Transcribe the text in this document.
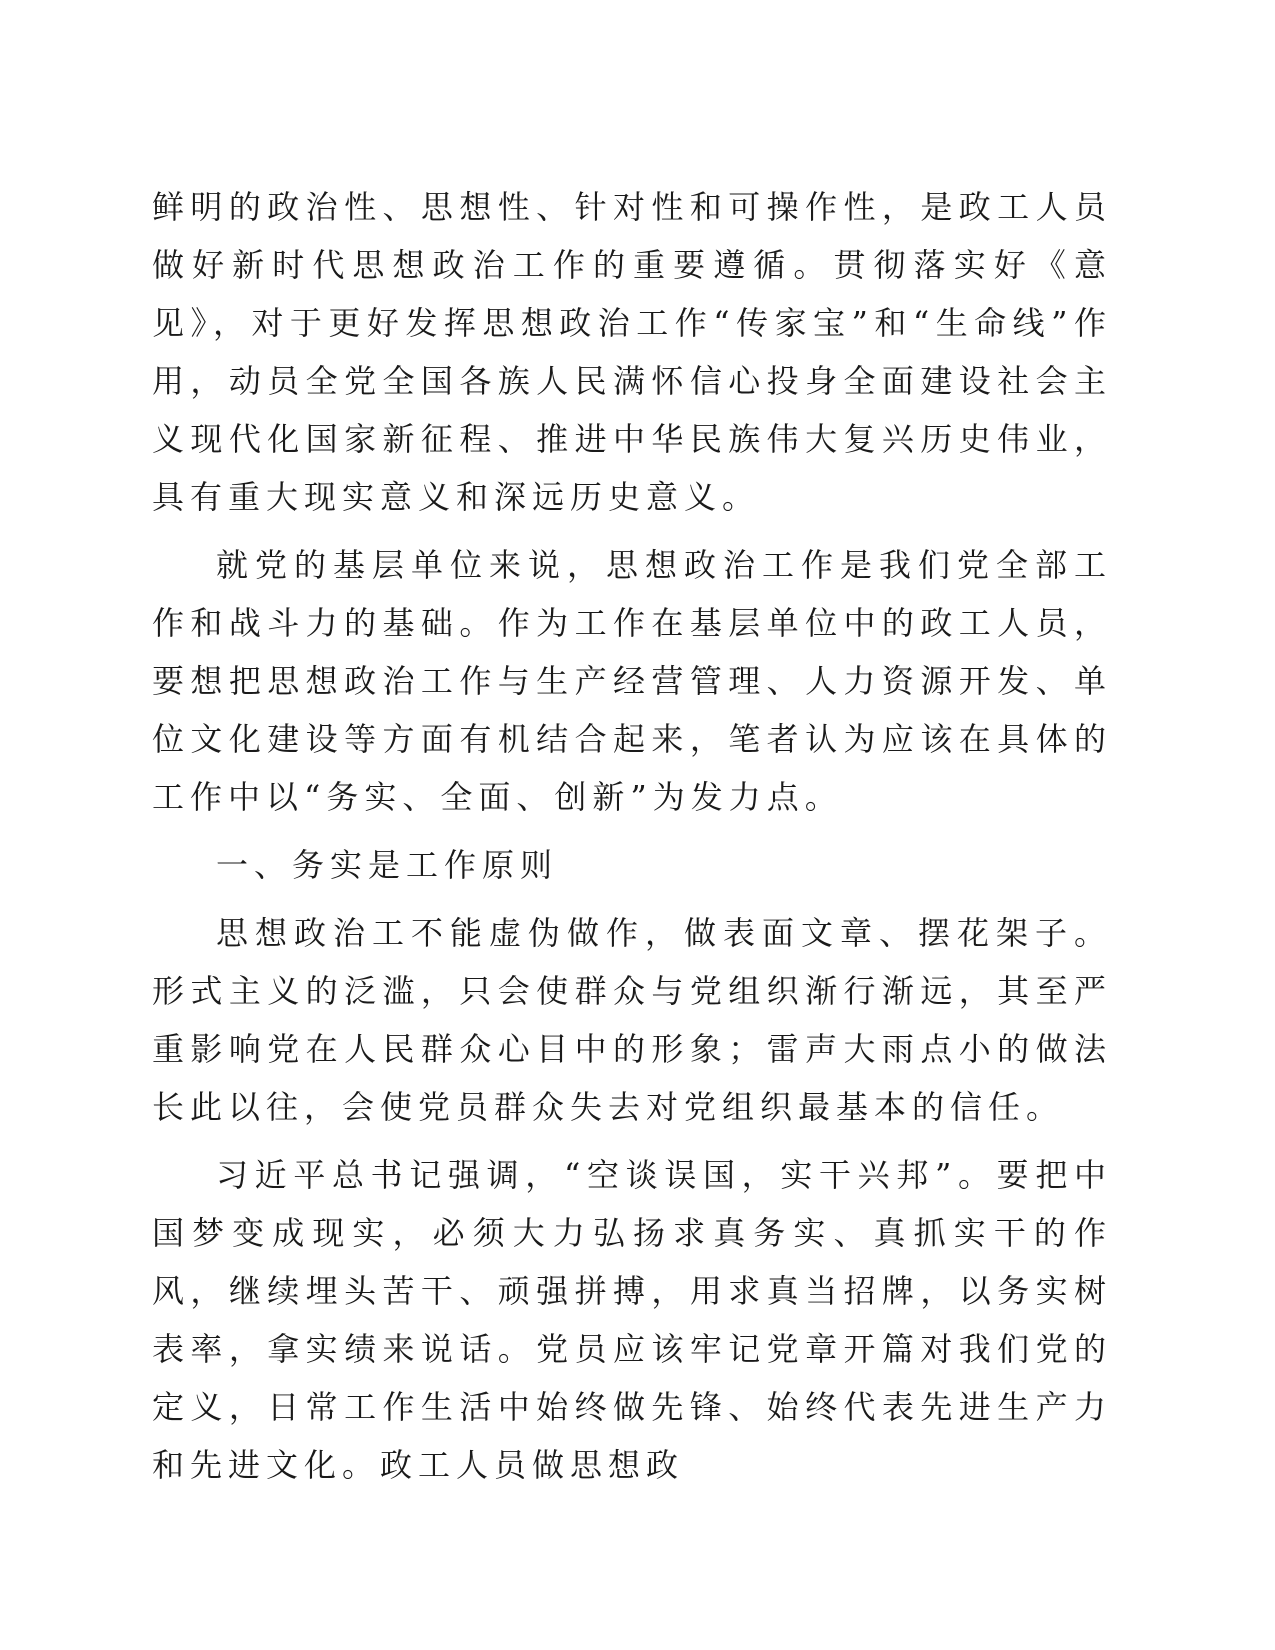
鲜明的政治性、思想性、针对性和可操作性，是政工人员做好新时代思想政治工作的重要遵循。贯彻落实好《意见》，对于更好发挥思想政治工作“传家宝”和“生命线”作用，动员全党全国各族人民满怀信心投身全面建设社会主义现代化国家新征程、推进中华民族伟大复兴历史伟业，具有重大现实意义和深远历史意义。

就党的基层单位来说，思想政治工作是我们党全部工作和战斗力的基础。作为工作在基层单位中的政工人员，要想把思想政治工作与生产经营管理、人力资源开发、单位文化建设等方面有机结合起来，笔者认为应该在具体的工作中以“务实、全面、创新”为发力点。

一、务实是工作原则

思想政治工不能虚伪做作，做表面文章、摆花架子。形式主义的泛滥，只会使群众与党组织渐行渐远，其至严重影响党在人民群众心目中的形象；雷声大雨点小的做法长此以往，会使党员群众失去对党组织最基本的信任。

习近平总书记强调，“空谈误国，实干兴邦”。要把中国梦变成现实，必须大力弘扬求真务实、真抓实干的作风，继续埋头苦干、顽强拼搏，用求真当招牌，以务实树表率，拿实绩来说话。党员应该牢记党章开篇对我们党的定义，日常工作生活中始终做先锋、始终代表先进生产力和先进文化。政工人员做思想政
